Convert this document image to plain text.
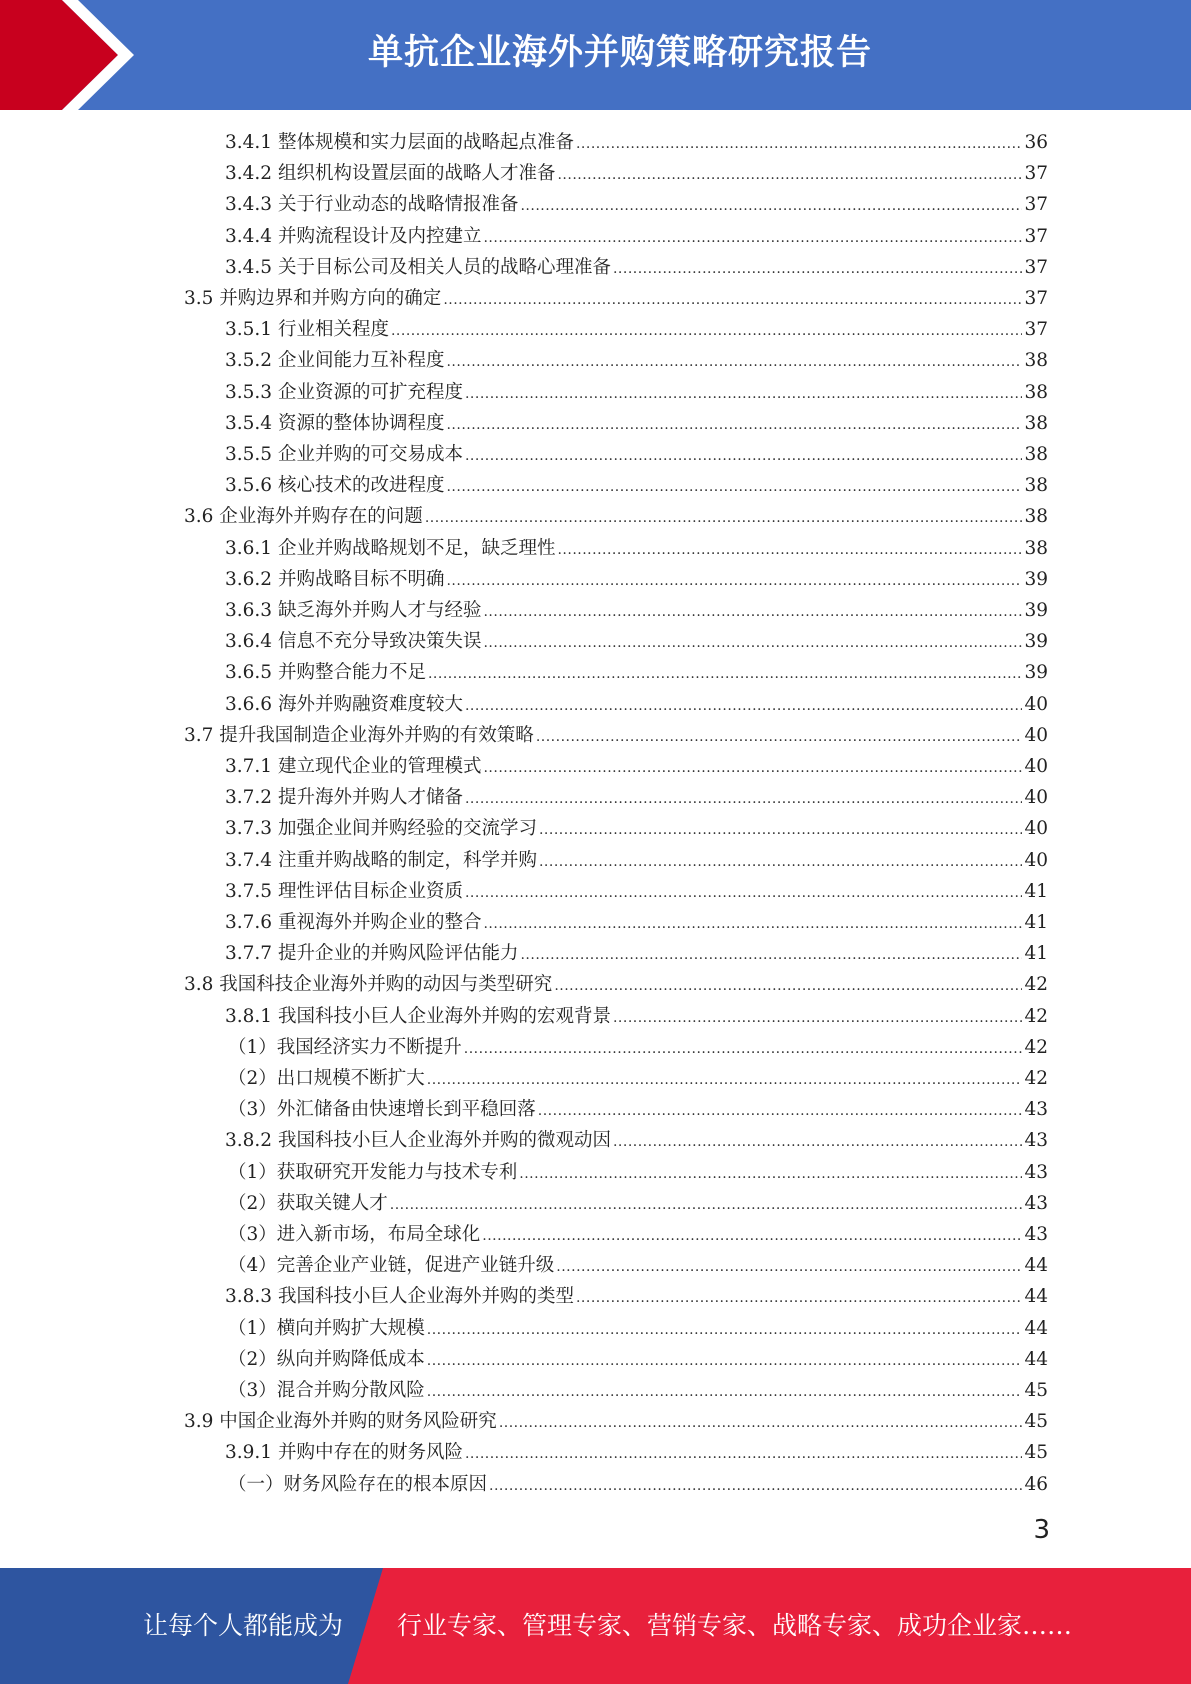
单抗企业海外并购策略研究报告
3.4.1 整体规模和实力层面的战略起点准备 .....	36
3.4.2 组织机构设置层面的战略人才准备 .....	37
3.4.3 关于行业动态的战略情报准备 .....	37
3.4.4 并购流程设计及内控建立 .....	37
3.4.5 关于目标公司及相关人员的战略心理准备 .....	37
3.5 并购边界和并购方向的确定 .....	37
3.5.1 行业相关程度 .....	37
3.5.2 企业间能力互补程度 .....	38
3.5.3 企业资源的可扩充程度 .....	38
3.5.4 资源的整体协调程度 .....	38
3.5.5 企业并购的可交易成本 .....	38
3.5.6 核心技术的改进程度 .....	38
3.6 企业海外并购存在的问题 .....	38
3.6.1 企业并购战略规划不足，缺乏理性 .....	38
3.6.2 并购战略目标不明确 .....	39
3.6.3 缺乏海外并购人才与经验 .....	39
3.6.4 信息不充分导致决策失误 .....	39
3.6.5 并购整合能力不足 .....	39
3.6.6 海外并购融资难度较大 .....	40
3.7 提升我国制造企业海外并购的有效策略 .....	40
3.7.1 建立现代企业的管理模式 .....	40
3.7.2 提升海外并购人才储备 .....	40
3.7.3 加强企业间并购经验的交流学习 .....	40
3.7.4 注重并购战略的制定，科学并购 .....	40
3.7.5 理性评估目标企业资质 .....	41
3.7.6 重视海外并购企业的整合 .....	41
3.7.7 提升企业的并购风险评估能力 .....	41
3.8 我国科技企业海外并购的动因与类型研究 .....	42
3.8.1 我国科技小巨人企业海外并购的宏观背景 .....	42
（1）我国经济实力不断提升 .....	42
（2）出口规模不断扩大 .....	42
（3）外汇储备由快速增长到平稳回落 .....	43
3.8.2 我国科技小巨人企业海外并购的微观动因 .....	43
（1）获取研究开发能力与技术专利 .....	43
（2）获取关键人才 .....	43
（3）进入新市场，布局全球化 .....	43
（4）完善企业产业链，促进产业链升级 .....	44
3.8.3 我国科技小巨人企业海外并购的类型 .....	44
（1）横向并购扩大规模 .....	44
（2）纵向并购降低成本 .....	44
（3）混合并购分散风险 .....	45
3.9 中国企业海外并购的财务风险研究 .....	45
3.9.1 并购中存在的财务风险 .....	45
（一）财务风险存在的根本原因 .....	46
3
让每个人都能成为 行业专家、管理专家、营销专家、战略专家、成功企业家……
